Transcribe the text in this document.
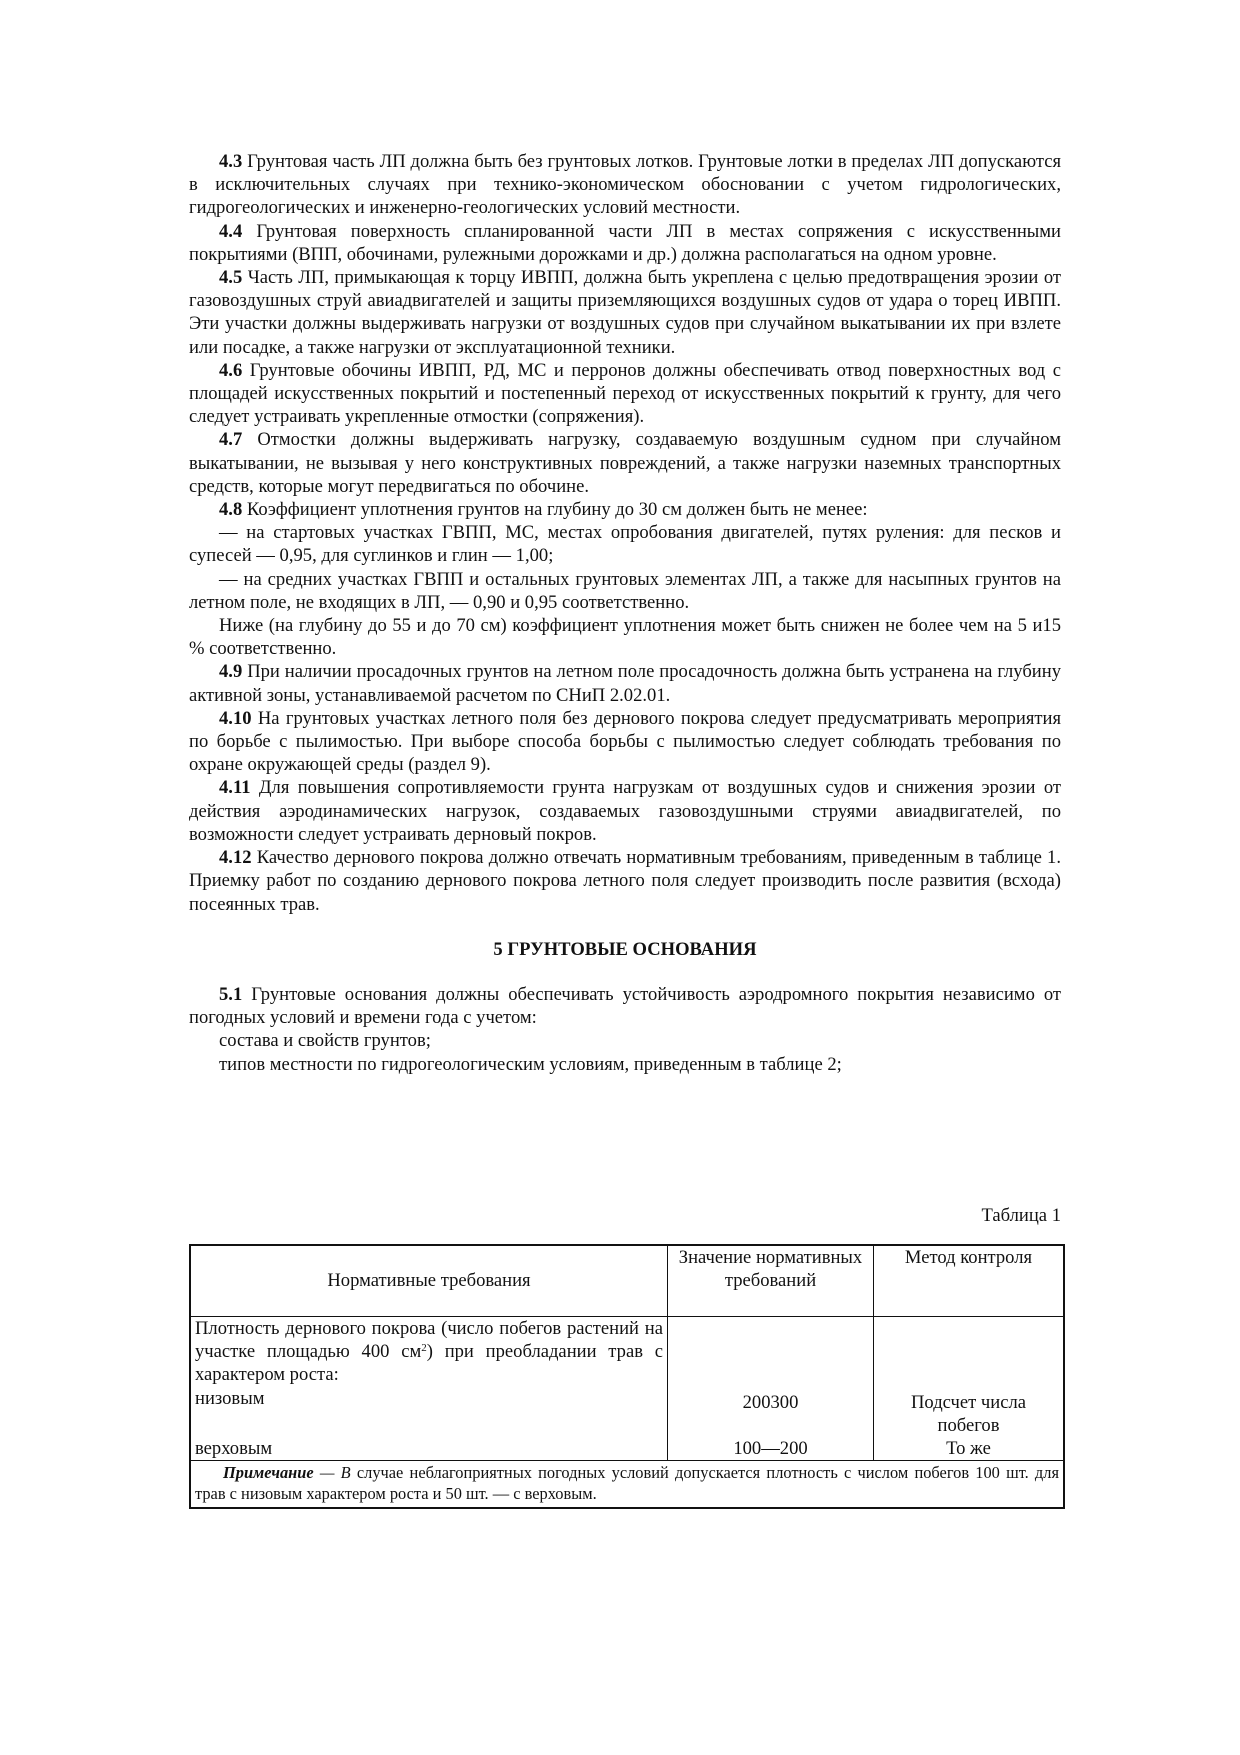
4.3 Грунтовая часть ЛП должна быть без грунтовых лотков. Грунтовые лотки в пределах ЛП допускаются в исключительных случаях при технико-экономическом обосновании с учетом гидрологических, гидрогеологических и инженерно-геологических условий местности.

4.4 Грунтовая поверхность спланированной части ЛП в местах сопряжения с искусственными покрытиями (ВПП, обочинами, рулежными дорожками и др.) должна располагаться на одном уровне.

4.5 Часть ЛП, примыкающая к торцу ИВПП, должна быть укреплена с целью предотвращения эрозии от газовоздушных струй авиадвигателей и защиты приземляющихся воздушных судов от удара о торец ИВПП. Эти участки должны выдерживать нагрузки от воздушных судов при случайном выкатывании их при взлете или посадке, а также нагрузки от эксплуатационной техники.

4.6 Грунтовые обочины ИВПП, РД, МС и перронов должны обеспечивать отвод поверхностных вод с площадей искусственных покрытий и постепенный переход от искусственных покрытий к грунту, для чего следует устраивать укрепленные отмостки (сопряжения).

4.7 Отмостки должны выдерживать нагрузку, создаваемую воздушным судном при случайном выкатывании, не вызывая у него конструктивных повреждений, а также нагрузки наземных транспортных средств, которые могут передвигаться по обочине.

4.8 Коэффициент уплотнения грунтов на глубину до 30 см должен быть не менее:

— на стартовых участках ГВПП, МС, местах опробования двигателей, путях руления: для песков и супесей — 0,95, для суглинков и глин — 1,00;

— на средних участках ГВПП и остальных грунтовых элементах ЛП, а также для насыпных грунтов на летном поле, не входящих в ЛП, — 0,90 и 0,95 соответственно.

Ниже (на глубину до 55 и до 70 см) коэффициент уплотнения может быть снижен не более чем на 5 и15 % соответственно.

4.9 При наличии просадочных грунтов на летном поле просадочность должна быть устранена на глубину активной зоны, устанавливаемой расчетом по СНиП 2.02.01.

4.10 На грунтовых участках летного поля без дернового покрова следует предусматривать мероприятия по борьбе с пылимостью. При выборе способа борьбы с пылимостью следует соблюдать требования по охране окружающей среды (раздел 9).

4.11 Для повышения сопротивляемости грунта нагрузкам от воздушных судов и снижения эрозии от действия аэродинамических нагрузок, создаваемых газовоздушными струями авиадвигателей, по возможности следует устраивать дерновый покров.

4.12 Качество дернового покрова должно отвечать нормативным требованиям, приведенным в таблице 1. Приемку работ по созданию дернового покрова летного поля следует производить после развития (всхода) посеянных трав.

5 ГРУНТОВЫЕ ОСНОВАНИЯ

5.1 Грунтовые основания должны обеспечивать устойчивость аэродромного покрытия независимо от погодных условий и времени года с учетом:

состава и свойств грунтов;

типов местности по гидрогеологическим условиям, приведенным в таблице 2;

Таблица 1

Нормативные требования	Значение нормативных требований	Метод контроля
Плотность дернового покрова (число побегов растений на участке площадью 400 $см^2$) при преобладании трав с характером роста:		
низовым	200300	Подсчет числа побегов
верховым	100—200	То же
Примечание — В случае неблагоприятных погодных условий допускается плотность с числом побегов 100 шт. для трав с низовым характером роста и 50 шт. — с верховым.		
